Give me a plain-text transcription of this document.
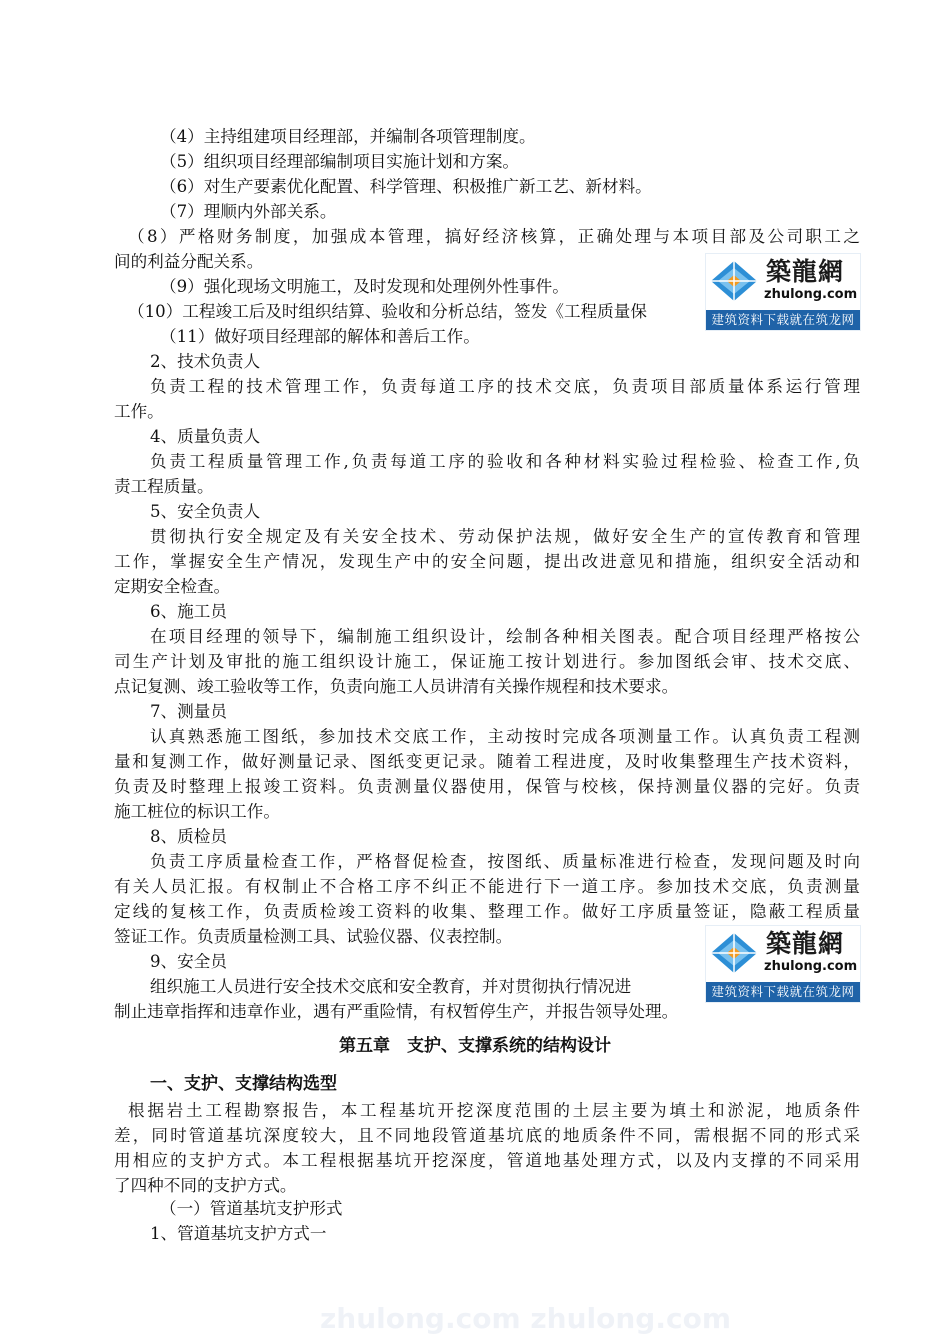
zhulong.com zhulong.com
（4）主持组建项目经理部，并编制各项管理制度。
（5）组织项目经理部编制项目实施计划和方案。
（6）对生产要素优化配置、科学管理、积极推广新工艺、新材料。
（7）理顺内外部关系。
（8）严格财务制度，加强成本管理，搞好经济核算，正确处理与本项目部及公司职工之
间的利益分配关系。
（9）强化现场文明施工，及时发现和处理例外性事件。
（10）工程竣工后及时组织结算、验收和分析总结，签发《工程质量保
（11）做好项目经理部的解体和善后工作。
2、技术负责人
负责工程的技术管理工作，负责每道工序的技术交底，负责项目部质量体系运行管理
工作。
4、质量负责人
负责工程质量管理工作,负责每道工序的验收和各种材料实验过程检验、检查工作,负
责工程质量。
5、安全负责人
贯彻执行安全规定及有关安全技术、劳动保护法规，做好安全生产的宣传教育和管理
工作，掌握安全生产情况，发现生产中的安全问题，提出改进意见和措施，组织安全活动和
定期安全检查。
6、施工员
在项目经理的领导下，编制施工组织设计，绘制各种相关图表。配合项目经理严格按公
司生产计划及审批的施工组织设计施工，保证施工按计划进行。参加图纸会审、技术交底、
点记复测、竣工验收等工作，负责向施工人员讲清有关操作规程和技术要求。
7、测量员
认真熟悉施工图纸，参加技术交底工作，主动按时完成各项测量工作。认真负责工程测
量和复测工作，做好测量记录、图纸变更记录。随着工程进度，及时收集整理生产技术资料，
负责及时整理上报竣工资料。负责测量仪器使用，保管与校核，保持测量仪器的完好。负责
施工桩位的标识工作。
8、质检员
负责工序质量检查工作，严格督促检查，按图纸、质量标准进行检查，发现问题及时向
有关人员汇报。有权制止不合格工序不纠正不能进行下一道工序。参加技术交底，负责测量
定线的复核工作，负责质检竣工资料的收集、整理工作。做好工序质量签证，隐蔽工程质量
签证工作。负责质量检测工具、试验仪器、仪表控制。
9、安全员
组织施工人员进行安全技术交底和安全教育，并对贯彻执行情况进
制止违章指挥和违章作业，遇有严重险情，有权暂停生产，并报告领导处理。
第五章　支护、支撑系统的结构设计
一、支护、支撑结构选型
根据岩土工程勘察报告，本工程基坑开挖深度范围的土层主要为填土和淤泥，地质条件
差，同时管道基坑深度较大，且不同地段管道基坑底的地质条件不同，需根据不同的形式采
用相应的支护方式。本工程根据基坑开挖深度，管道地基处理方式，以及内支撑的不同采用
了四种不同的支护方式。
（一）管道基坑支护形式
1、管道基坑支护方式一
築龍網
zhulong.com
建筑资料下载就在筑龙网
築龍網
zhulong.com
建筑资料下载就在筑龙网
